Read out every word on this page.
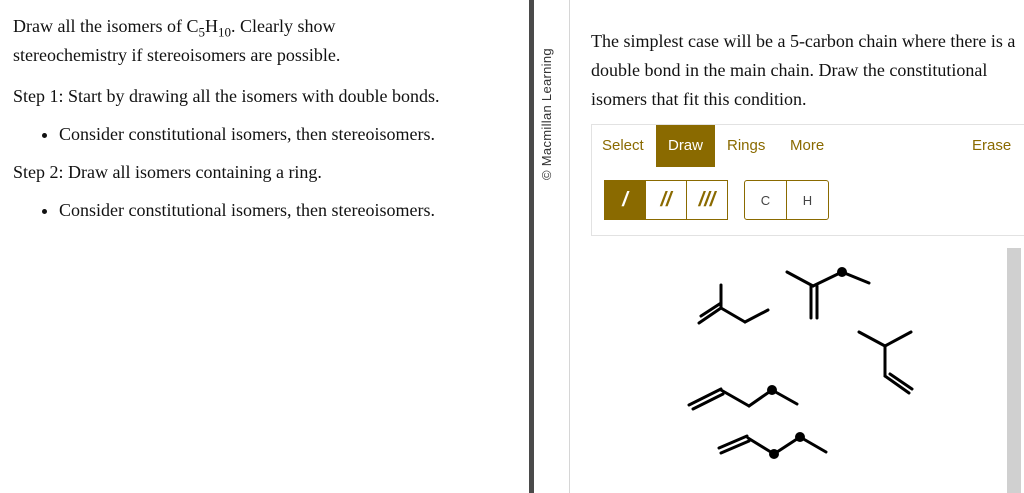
Draw all the isomers of $C_5H_{10}$. Clearly show

stereochemistry if stereoisomers are possible.

Step 1: Start by drawing all the isomers with double bonds.

• Consider constitutional isomers, then stereoisomers.

Step 2: Draw all isomers containing a ring.

• Consider constitutional isomers, then stereoisomers.
© Macmillan Learning
The simplest case will be a 5-carbon chain where there is a double bond in the main chain. Draw the constitutional isomers that fit this condition.
Select	Draw	Rings More	Erase
/	//	///	C	H
